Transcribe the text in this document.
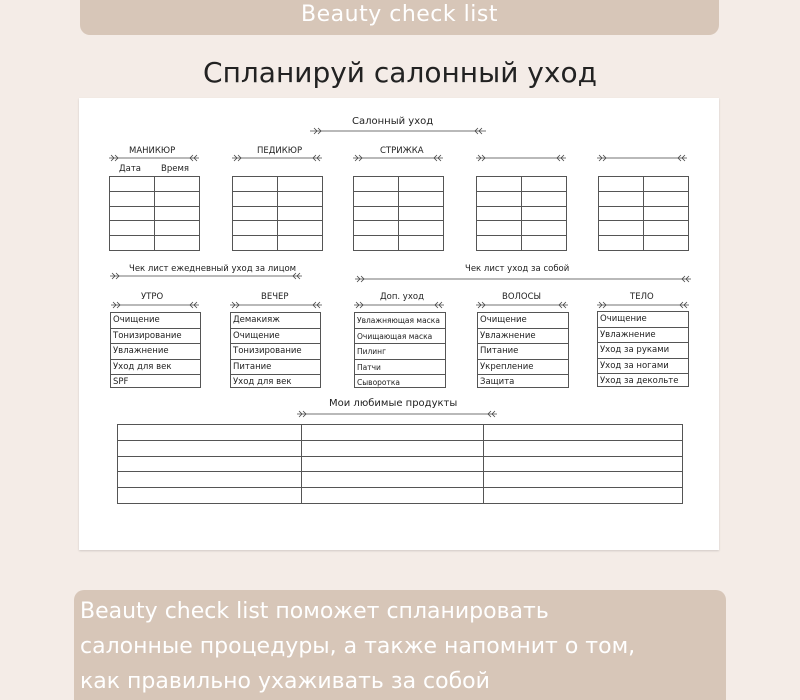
Beauty check list
Спланируй салонный уход
Салонный уход
МАНИКЮР
Дата Время
ПЕДИКЮР	СТРИЖКА
Чек лист ежедневный уход за лицом	Чек лист уход за собой
УТРО
Очищение
Тонизирование
Увлажнение
Уход для век
SPF
ВЕЧЕР
Демакияж
Очищение
Тонизирование
Питание
Уход для век
Доп. уход
Увлажняющая маска
Очищающая маска
Пилинг
Патчи
Сыворотка
ВОЛОСЫ
Очищение
Увлажнение
Питание
Укрепление
Защита
ТЕЛО
Очищение
Увлажнение
Уход за руками
Уход за ногами
Уход за декольте
Мои любимые продукты

Beauty check list поможет спланировать
салонные процедуры, а также напомнит о том,
как правильно ухаживать за собой
